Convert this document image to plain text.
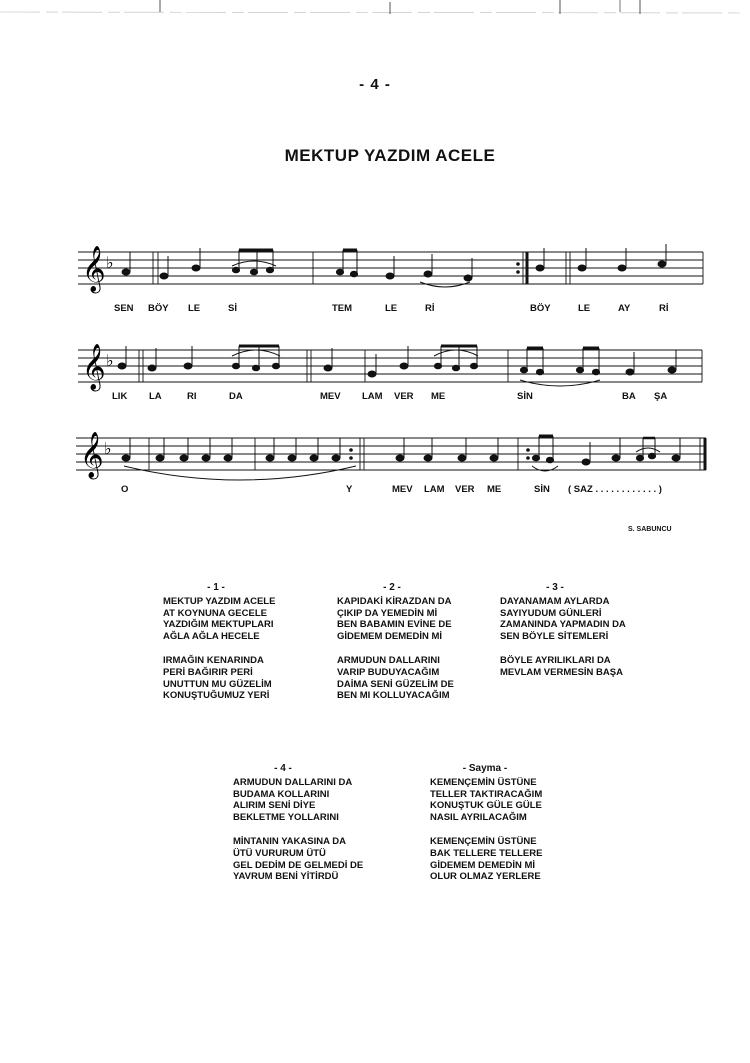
- 4 -
MEKTUP YAZDIM ACELE
𝄞 ♭
SEN BÖY LE	Sİ	TEM	LE	Rİ	BÖY	LE	AY	Rİ
𝄞 ♭
LIK LA	RI	DA	MEV LAM VER ME	SİN	BA ŞA
𝄞 ♭
O	Y	MEV LAM VER ME	SİN ( SAZ . . . . . . . . . . . . )
S. SABUNCU
- 1 -
MEKTUP YAZDIM ACELE
AT KOYNUNA GECELE
YAZDIĞIM MEKTUPLARI
AĞLA AĞLA HECELE
IRMAĞIN KENARINDA
PERİ BAĞIRIR PERİ
UNUTTUN MU GÜZELİM
KONUŞTUĞUMUZ YERİ
- 2 -
KAPIDAKİ KİRAZDAN DA
ÇIKIP DA YEMEDİN Mİ
BEN BABAMIN EVİNE DE
GİDEMEM DEMEDİN Mİ
ARMUDUN DALLARINI
VARIP BUDUYACAĞIM
DAİMA SENİ GÜZELİM DE
BEN MI KOLLUYACAĞIM
- 3 -
DAYANAMAM AYLARDA
SAYIYUDUM GÜNLERİ
ZAMANINDA YAPMADIN DA
SEN BÖYLE SİTEMLERİ
BÖYLE AYRILIKLARI DA
MEVLAM VERMESİN BAŞA
- 4 -
ARMUDUN DALLARINI DA
BUDAMA KOLLARINI
ALIRIM SENİ DİYE
BEKLETME YOLLARINI
MİNTANIN YAKASINA DA
ÜTÜ VURURUM ÜTÜ
GEL DEDİM DE GELMEDİ DE
YAVRUM BENİ YİTİRDÜ
- Sayma -
KEMENÇEMİN ÜSTÜNE
TELLER TAKTIRACAĞIM
KONUŞTUK GÜLE GÜLE
NASIL AYRILACAĞIM
KEMENÇEMİN ÜSTÜNE
BAK TELLERE TELLERE
GİDEMEM DEMEDİN Mİ
OLUR OLMAZ YERLERE
